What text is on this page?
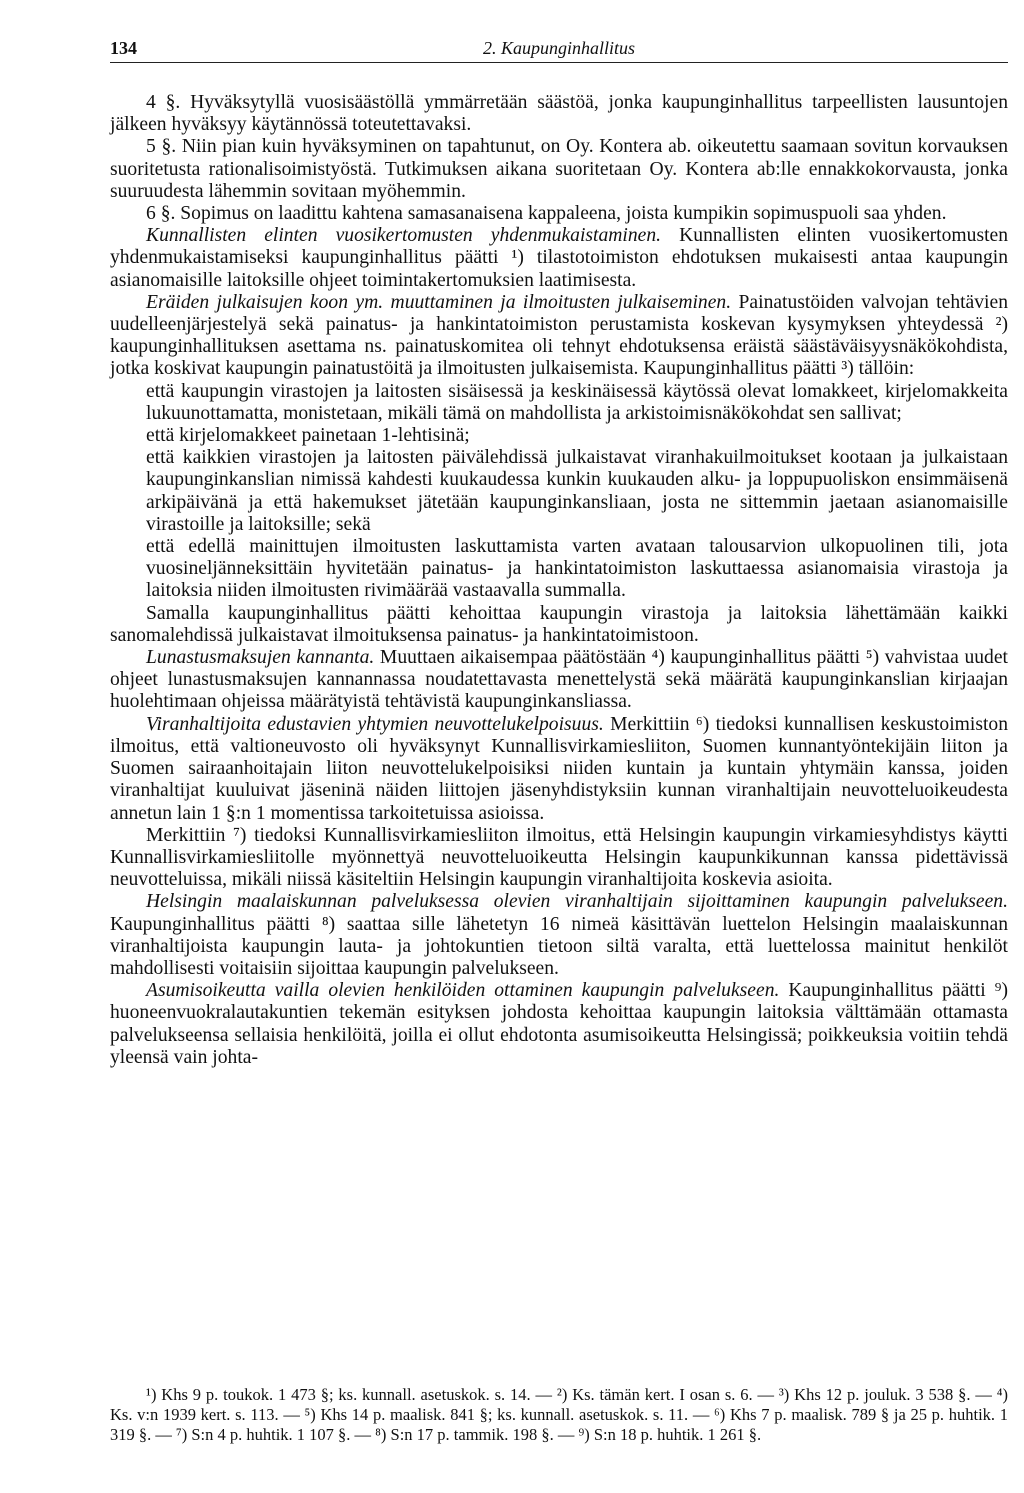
134	2. Kaupunginhallitus

4 §. Hyväksytyllä vuosisäästöllä ymmärretään säästöä, jonka kaupunginhallitus tarpeellisten lausuntojen jälkeen hyväksyy käytännössä toteutettavaksi.

5 §. Niin pian kuin hyväksyminen on tapahtunut, on Oy. Kontera ab. oikeutettu saamaan sovitun korvauksen suoritetusta rationalisoimistyöstä. Tutkimuksen aikana suoritetaan Oy. Kontera ab:lle ennakkokorvausta, jonka suuruudesta lähemmin sovitaan myöhemmin.

6 §. Sopimus on laadittu kahtena samasanaisena kappaleena, joista kumpikin sopimuspuoli saa yhden.

Kunnallisten elinten vuosikertomusten yhdenmukaistaminen. Kunnallisten elinten vuosikertomusten yhdenmukaistamiseksi kaupunginhallitus päätti ¹) tilastotoimiston ehdotuksen mukaisesti antaa kaupungin asianomaisille laitoksille ohjeet toimintakertomuksien laatimisesta.

Eräiden julkaisujen koon ym. muuttaminen ja ilmoitusten julkaiseminen. Painatustöiden valvojan tehtävien uudelleenjärjestelyä sekä painatus- ja hankintatoimiston perustamista koskevan kysymyksen yhteydessä ²) kaupunginhallituksen asettama ns. painatuskomitea oli tehnyt ehdotuksensa eräistä säästäväisyysnäkökohdista, jotka koskivat kaupungin painatustöitä ja ilmoitusten julkaisemista. Kaupunginhallitus päätti ³) tällöin:

että kaupungin virastojen ja laitosten sisäisessä ja keskinäisessä käytössä olevat lomakkeet, kirjelomakkeita lukuunottamatta, monistetaan, mikäli tämä on mahdollista ja arkistoimisnäkökohdat sen sallivat;

että kirjelomakkeet painetaan 1-lehtisinä;

että kaikkien virastojen ja laitosten päivälehdissä julkaistavat viranhakuilmoitukset kootaan ja julkaistaan kaupunginkanslian nimissä kahdesti kuukaudessa kunkin kuukauden alku- ja loppupuoliskon ensimmäisenä arkipäivänä ja että hakemukset jätetään kaupunginkansliaan, josta ne sittemmin jaetaan asianomaisille virastoille ja laitoksille; sekä

että edellä mainittujen ilmoitusten laskuttamista varten avataan talousarvion ulkopuolinen tili, jota vuosineljänneksittäin hyvitetään painatus- ja hankintatoimiston laskuttaessa asianomaisia virastoja ja laitoksia niiden ilmoitusten rivimäärää vastaavalla summalla.

Samalla kaupunginhallitus päätti kehoittaa kaupungin virastoja ja laitoksia lähettämään kaikki sanomalehdissä julkaistavat ilmoituksensa painatus- ja hankintatoimistoon.

Lunastusmaksujen kannanta. Muuttaen aikaisempaa päätöstään ⁴) kaupunginhallitus päätti ⁵) vahvistaa uudet ohjeet lunastusmaksujen kannannassa noudatettavasta menettelystä sekä määrätä kaupunginkanslian kirjaajan huolehtimaan ohjeissa määrätyistä tehtävistä kaupunginkansliassa.

Viranhaltijoita edustavien yhtymien neuvottelukelpoisuus. Merkittiin ⁶) tiedoksi kunnallisen keskustoimiston ilmoitus, että valtioneuvosto oli hyväksynyt Kunnallisvirkamiesliiton, Suomen kunnantyöntekijäin liiton ja Suomen sairaanhoitajain liiton neuvottelukelpoisiksi niiden kuntain ja kuntain yhtymäin kanssa, joiden viranhaltijat kuuluivat jäseninä näiden liittojen jäsenyhdistyksiin kunnan viranhaltijain neuvotteluoikeudesta annetun lain 1 §:n 1 momentissa tarkoitetuissa asioissa.

Merkittiin ⁷) tiedoksi Kunnallisvirkamiesliiton ilmoitus, että Helsingin kaupungin virkamiesyhdistys käytti Kunnallisvirkamiesliitolle myönnettyä neuvotteluoikeutta Helsingin kaupunkikunnan kanssa pidettävissä neuvotteluissa, mikäli niissä käsiteltiin Helsingin kaupungin viranhaltijoita koskevia asioita.

Helsingin maalaiskunnan palveluksessa olevien viranhaltijain sijoittaminen kaupungin palvelukseen. Kaupunginhallitus päätti ⁸) saattaa sille lähetetyn 16 nimeä käsittävän luettelon Helsingin maalaiskunnan viranhaltijoista kaupungin lauta- ja johtokuntien tietoon siltä varalta, että luettelossa mainitut henkilöt mahdollisesti voitaisiin sijoittaa kaupungin palvelukseen.

Asumisoikeutta vailla olevien henkilöiden ottaminen kaupungin palvelukseen. Kaupunginhallitus päätti ⁹) huoneenvuokralautakuntien tekemän esityksen johdosta kehoittaa kaupungin laitoksia välttämään ottamasta palvelukseensa sellaisia henkilöitä, joilla ei ollut ehdotonta asumisoikeutta Helsingissä; poikkeuksia voitiin tehdä yleensä vain johta-

¹) Khs 9 p. toukok. 1 473 §; ks. kunnall. asetuskok. s. 14. — ²) Ks. tämän kert. I osan s. 6. — ³) Khs 12 p. jouluk. 3 538 §. — ⁴) Ks. v:n 1939 kert. s. 113. — ⁵) Khs 14 p. maalisk. 841 §; ks. kunnall. asetuskok. s. 11. — ⁶) Khs 7 p. maalisk. 789 § ja 25 p. huhtik. 1 319 §. — ⁷) S:n 4 p. huhtik. 1 107 §. — ⁸) S:n 17 p. tammik. 198 §. — ⁹) S:n 18 p. huhtik. 1 261 §.
